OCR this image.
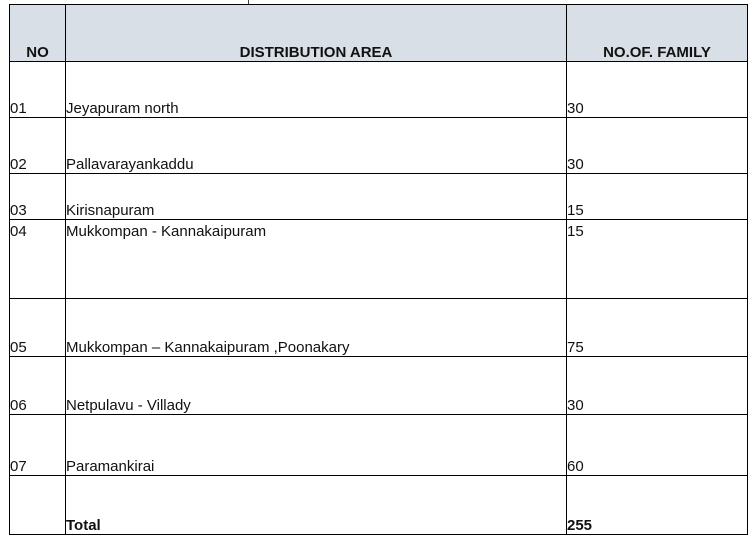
NO	DISTRIBUTION AREA	NO.OF. FAMILY
01	Jeyapuram north	30
02	Pallavarayankaddu	30
03	Kirisnapuram	15
04	Mukkompan - Kannakaipuram	15
05	Mukkompan – Kannakaipuram ,Poonakary	75
06	Netpulavu - Villady	30
07	Paramankirai	60
	Total	255
